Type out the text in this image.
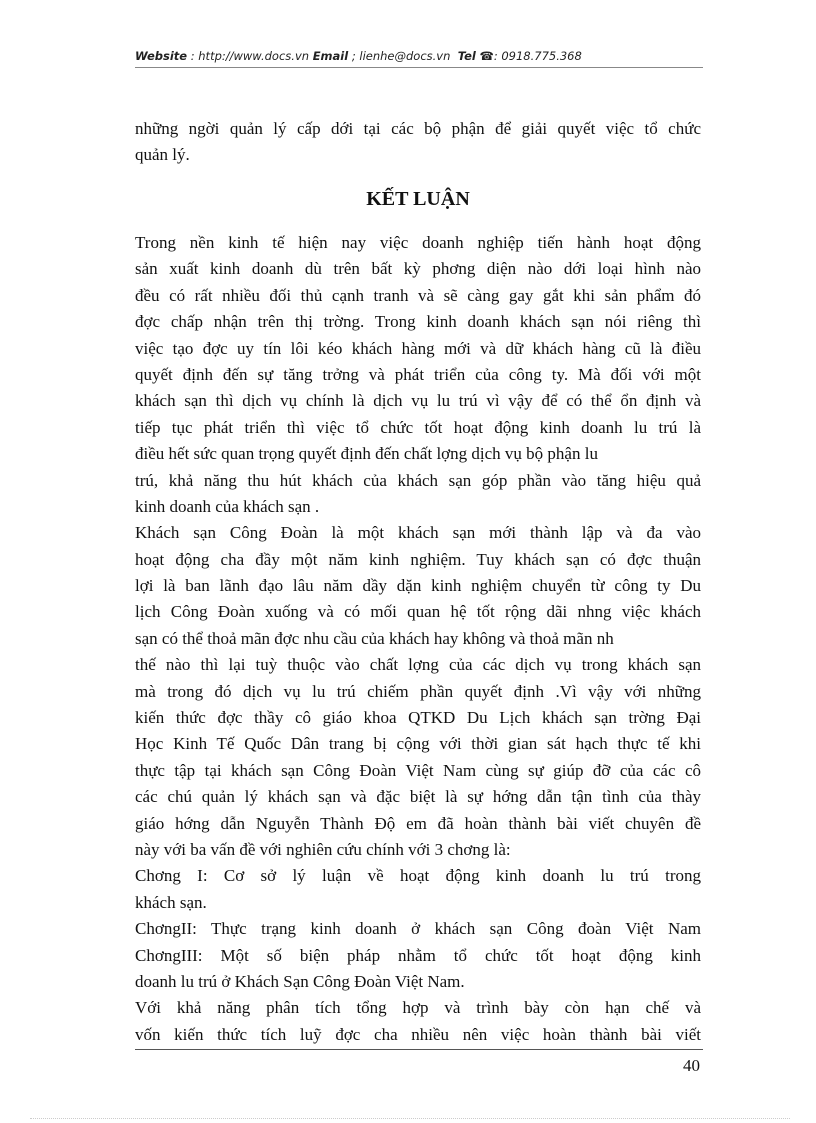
Website : http://www.docs.vn Email ; lienhe@docs.vn Tel ☎: 0918.775.368
những ngời quản lý cấp dới tại các bộ phận để giải quyết việc tổ chức
quản lý.
KẾT LUẬN
Trong nền kinh tế hiện nay việc doanh nghiệp tiến hành hoạt động
sản xuất kinh doanh dù trên bất kỳ phơng diện nào dới loại hình nào
đều có rất nhiều đối thủ cạnh tranh và sẽ càng gay gắt khi sản phẩm đó
đợc chấp nhận trên thị trờng. Trong kinh doanh khách sạn nói riêng thì
việc tạo đợc uy tín lôi kéo khách hàng mới và dữ khách hàng cũ là điều
quyết định đến sự tăng trởng và phát triển của công ty. Mà đối với một
khách sạn thì dịch vụ chính là dịch vụ lu trú vì vậy để có thể ổn định và
tiếp tục phát triển thì việc tổ chức tốt hoạt động kinh doanh lu trú là
điều hết sức quan trọng quyết định đến chất lợng dịch vụ bộ phận lu
trú, khả năng thu hút khách của khách sạn góp phần vào tăng hiệu quả
kinh doanh của khách sạn .
Khách sạn Công Đoàn là một khách sạn mới thành lập và đa vào
hoạt động cha đầy một năm kinh nghiệm. Tuy khách sạn có đợc thuận
lợi là ban lãnh đạo lâu năm dầy dặn kinh nghiệm chuyển từ công ty Du
lịch Công Đoàn xuống và có mối quan hệ tốt rộng dãi nhng việc khách
sạn có thể thoả mãn đợc nhu cầu của khách hay không và thoả mãn nh
thế nào thì lại tuỳ thuộc vào chất lợng của các dịch vụ trong khách sạn
mà trong đó dịch vụ lu trú chiếm phần quyết định .Vì vậy với những
kiến thức đợc thầy cô giáo khoa QTKD Du Lịch khách sạn trờng Đại
Học Kinh Tế Quốc Dân trang bị cộng với thời gian sát hạch thực tế khi
thực tập tại khách sạn Công Đoàn Việt Nam cùng sự giúp đỡ của các cô
các chú quản lý khách sạn và đặc biệt là sự hớng dẫn tận tình của thày
giáo hớng dẫn Nguyễn Thành Độ em đã hoàn thành bài viết chuyên đề
này với ba vấn đề với nghiên cứu chính với 3 chơng là:
Chơng I: Cơ sở lý luận về hoạt động kinh doanh lu trú trong
khách sạn.
ChơngII: Thực trạng kinh doanh ở khách sạn Công đoàn Việt Nam
ChơngIII: Một số biện pháp nhằm tổ chức tốt hoạt động kinh
doanh lu trú ở Khách Sạn Công Đoàn Việt Nam.
Với khả năng phân tích tổng hợp và trình bày còn hạn chế và
vốn kiến thức tích luỹ đợc cha nhiều nên việc hoàn thành bài viết
40
